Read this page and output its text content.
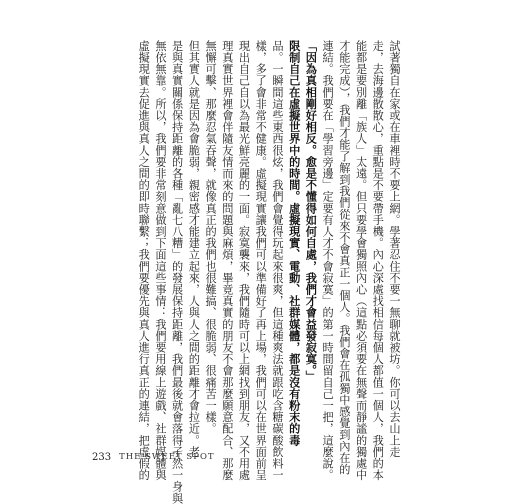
試著獨自在家或在車裡時不要上網。學著忍住不要一無聊就被坊。你可以去山上走
走，去海邊散散心，重點是不要帶手機。內心深處找相信每個人都值一個人，我們的本
能都是要別離「族人」太遠。但只要學會獨照內心（這點必須要在無聲而靜謐的獨處中
才能完成），我們才能了解到我們從來不會真正一個人。我們會在孤獨中感覺到內在的
連結。我們要在「學習旁邊」定要有人才不會寂寞」的第一時間留自己一把，這麼說。
「因為真相剛好相反。愈是不懂得如何自處，我們才會益發寂寞。」
限制自己在虛擬世界中的時間。虛擬現實、電動、社群媒體，都是沒有粉末的毒
品。一瞬間這些東西很炫，我們會覺得玩起來很爽，但這種爽法就跟吃含糖碳酸飲料一
樣，多了會非常不健康。虛擬現實讓我們可以準備好了再上場，我們可以在世界面前呈
現出自己自以為最光鮮亮麗的一面。寂寞襲來，我們隨時可以上網找到朋友，又不用處
理真實世界裡會伴隨友情而來的問題與麻煩，畢竟真實的朋友不會那麼願意配合、那麼
無懈可擊、那麼忍氣吞聲，就像真正的我們也很難搞、很脆弱、很痛苦一樣。
但其實人就是因為會脆弱，親密感才能建立起來，人與人之間的距離才會拉近。老
是與真實關係保持距離的各種「亂七八糟」的發展保持距離，我們最後就會落得孑然一身與
無依無靠。所以，我們要非常刻意做到下面這些事情：我們要用線上遊戲、社群媒體與
虛擬現實去促進與真人之間的即時聯繫；我們要優先與真人進行真正的連結，把虛假的
233 THE SWEET SPOT
